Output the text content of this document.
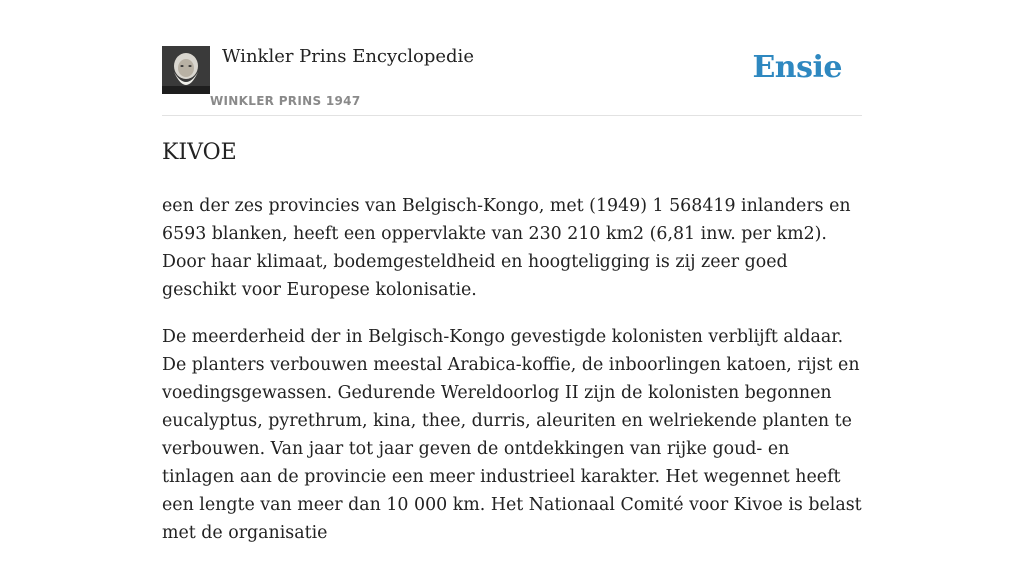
Winkler Prins Encyclopedie
WINKLER PRINS 1947
Ensie
KIVOE

een der zes provincies van Belgisch-Kongo, met (1949) 1 568419 inlanders en 6593 blanken, heeft een oppervlakte van 230 210 km2 (6,81 inw. per km2). Door haar klimaat, bodemgesteldheid en hoogteligging is zij zeer goed geschikt voor Europese kolonisatie.

De meerderheid der in Belgisch-Kongo gevestigde kolonisten verblijft aldaar. De planters verbouwen meestal Arabica-koffie, de inboorlingen katoen, rijst en voedingsgewassen. Gedurende Wereldoorlog II zijn de kolonisten begonnen eucalyptus, pyrethrum, kina, thee, durris, aleuriten en welriekende planten te verbouwen. Van jaar tot jaar geven de ontdekkingen van rijke goud- en tinlagen aan de provincie een meer industrieel karakter. Het wegennet heeft een lengte van meer dan 10 000 km. Het Nationaal Comité voor Kivoe is belast met de organisatie
